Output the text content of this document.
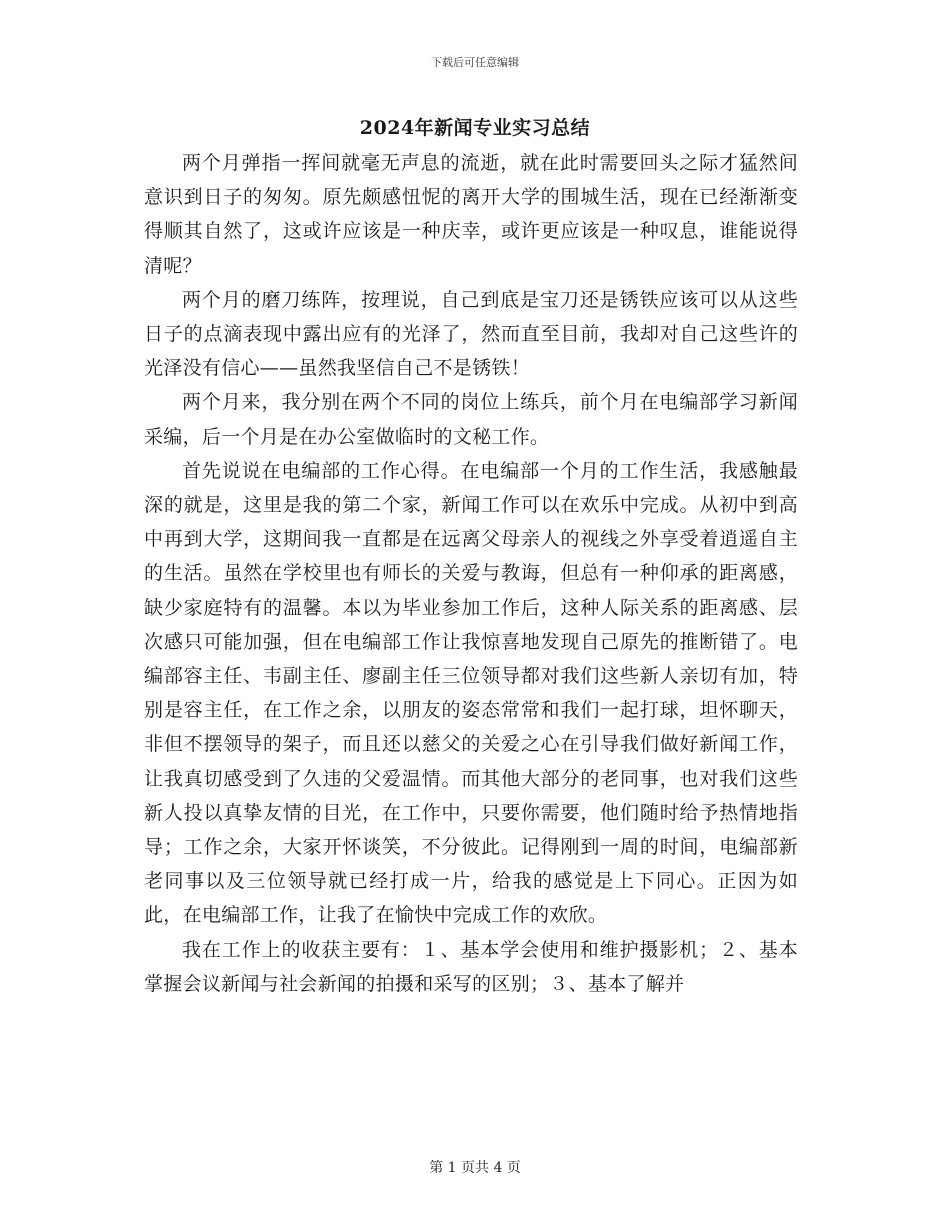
下载后可任意编辑
2024年新闻专业实习总结

两个月弹指一挥间就毫无声息的流逝，就在此时需要回头之际才猛然间意识到日子的匆匆。原先颇感忸怩的离开大学的围城生活，现在已经渐渐变得顺其自然了，这或许应该是一种庆幸，或许更应该是一种叹息，谁能说得清呢？

两个月的磨刀练阵，按理说，自己到底是宝刀还是锈铁应该可以从这些日子的点滴表现中露出应有的光泽了，然而直至目前，我却对自己这些许的光泽没有信心——虽然我坚信自己不是锈铁！

两个月来，我分别在两个不同的岗位上练兵，前个月在电编部学习新闻采编，后一个月是在办公室做临时的文秘工作。

首先说说在电编部的工作心得。在电编部一个月的工作生活，我感触最深的就是，这里是我的第二个家，新闻工作可以在欢乐中完成。从初中到高中再到大学，这期间我一直都是在远离父母亲人的视线之外享受着逍遥自主的生活。虽然在学校里也有师长的关爱与教诲，但总有一种仰承的距离感，缺少家庭特有的温馨。本以为毕业参加工作后，这种人际关系的距离感、层次感只可能加强，但在电编部工作让我惊喜地发现自己原先的推断错了。电编部容主任、韦副主任、廖副主任三位领导都对我们这些新人亲切有加，特别是容主任，在工作之余，以朋友的姿态常常和我们一起打球，坦怀聊天，非但不摆领导的架子，而且还以慈父的关爱之心在引导我们做好新闻工作，让我真切感受到了久违的父爱温情。而其他大部分的老同事，也对我们这些新人投以真挚友情的目光，在工作中，只要你需要，他们随时给予热情地指导；工作之余，大家开怀谈笑，不分彼此。记得刚到一周的时间，电编部新老同事以及三位领导就已经打成一片，给我的感觉是上下同心。正因为如此，在电编部工作，让我了在愉快中完成工作的欢欣。

我在工作上的收获主要有：１、基本学会使用和维护摄影机；２、基本掌握会议新闻与社会新闻的拍摄和采写的区别；３、基本了解并

第 1 页共 4 页
